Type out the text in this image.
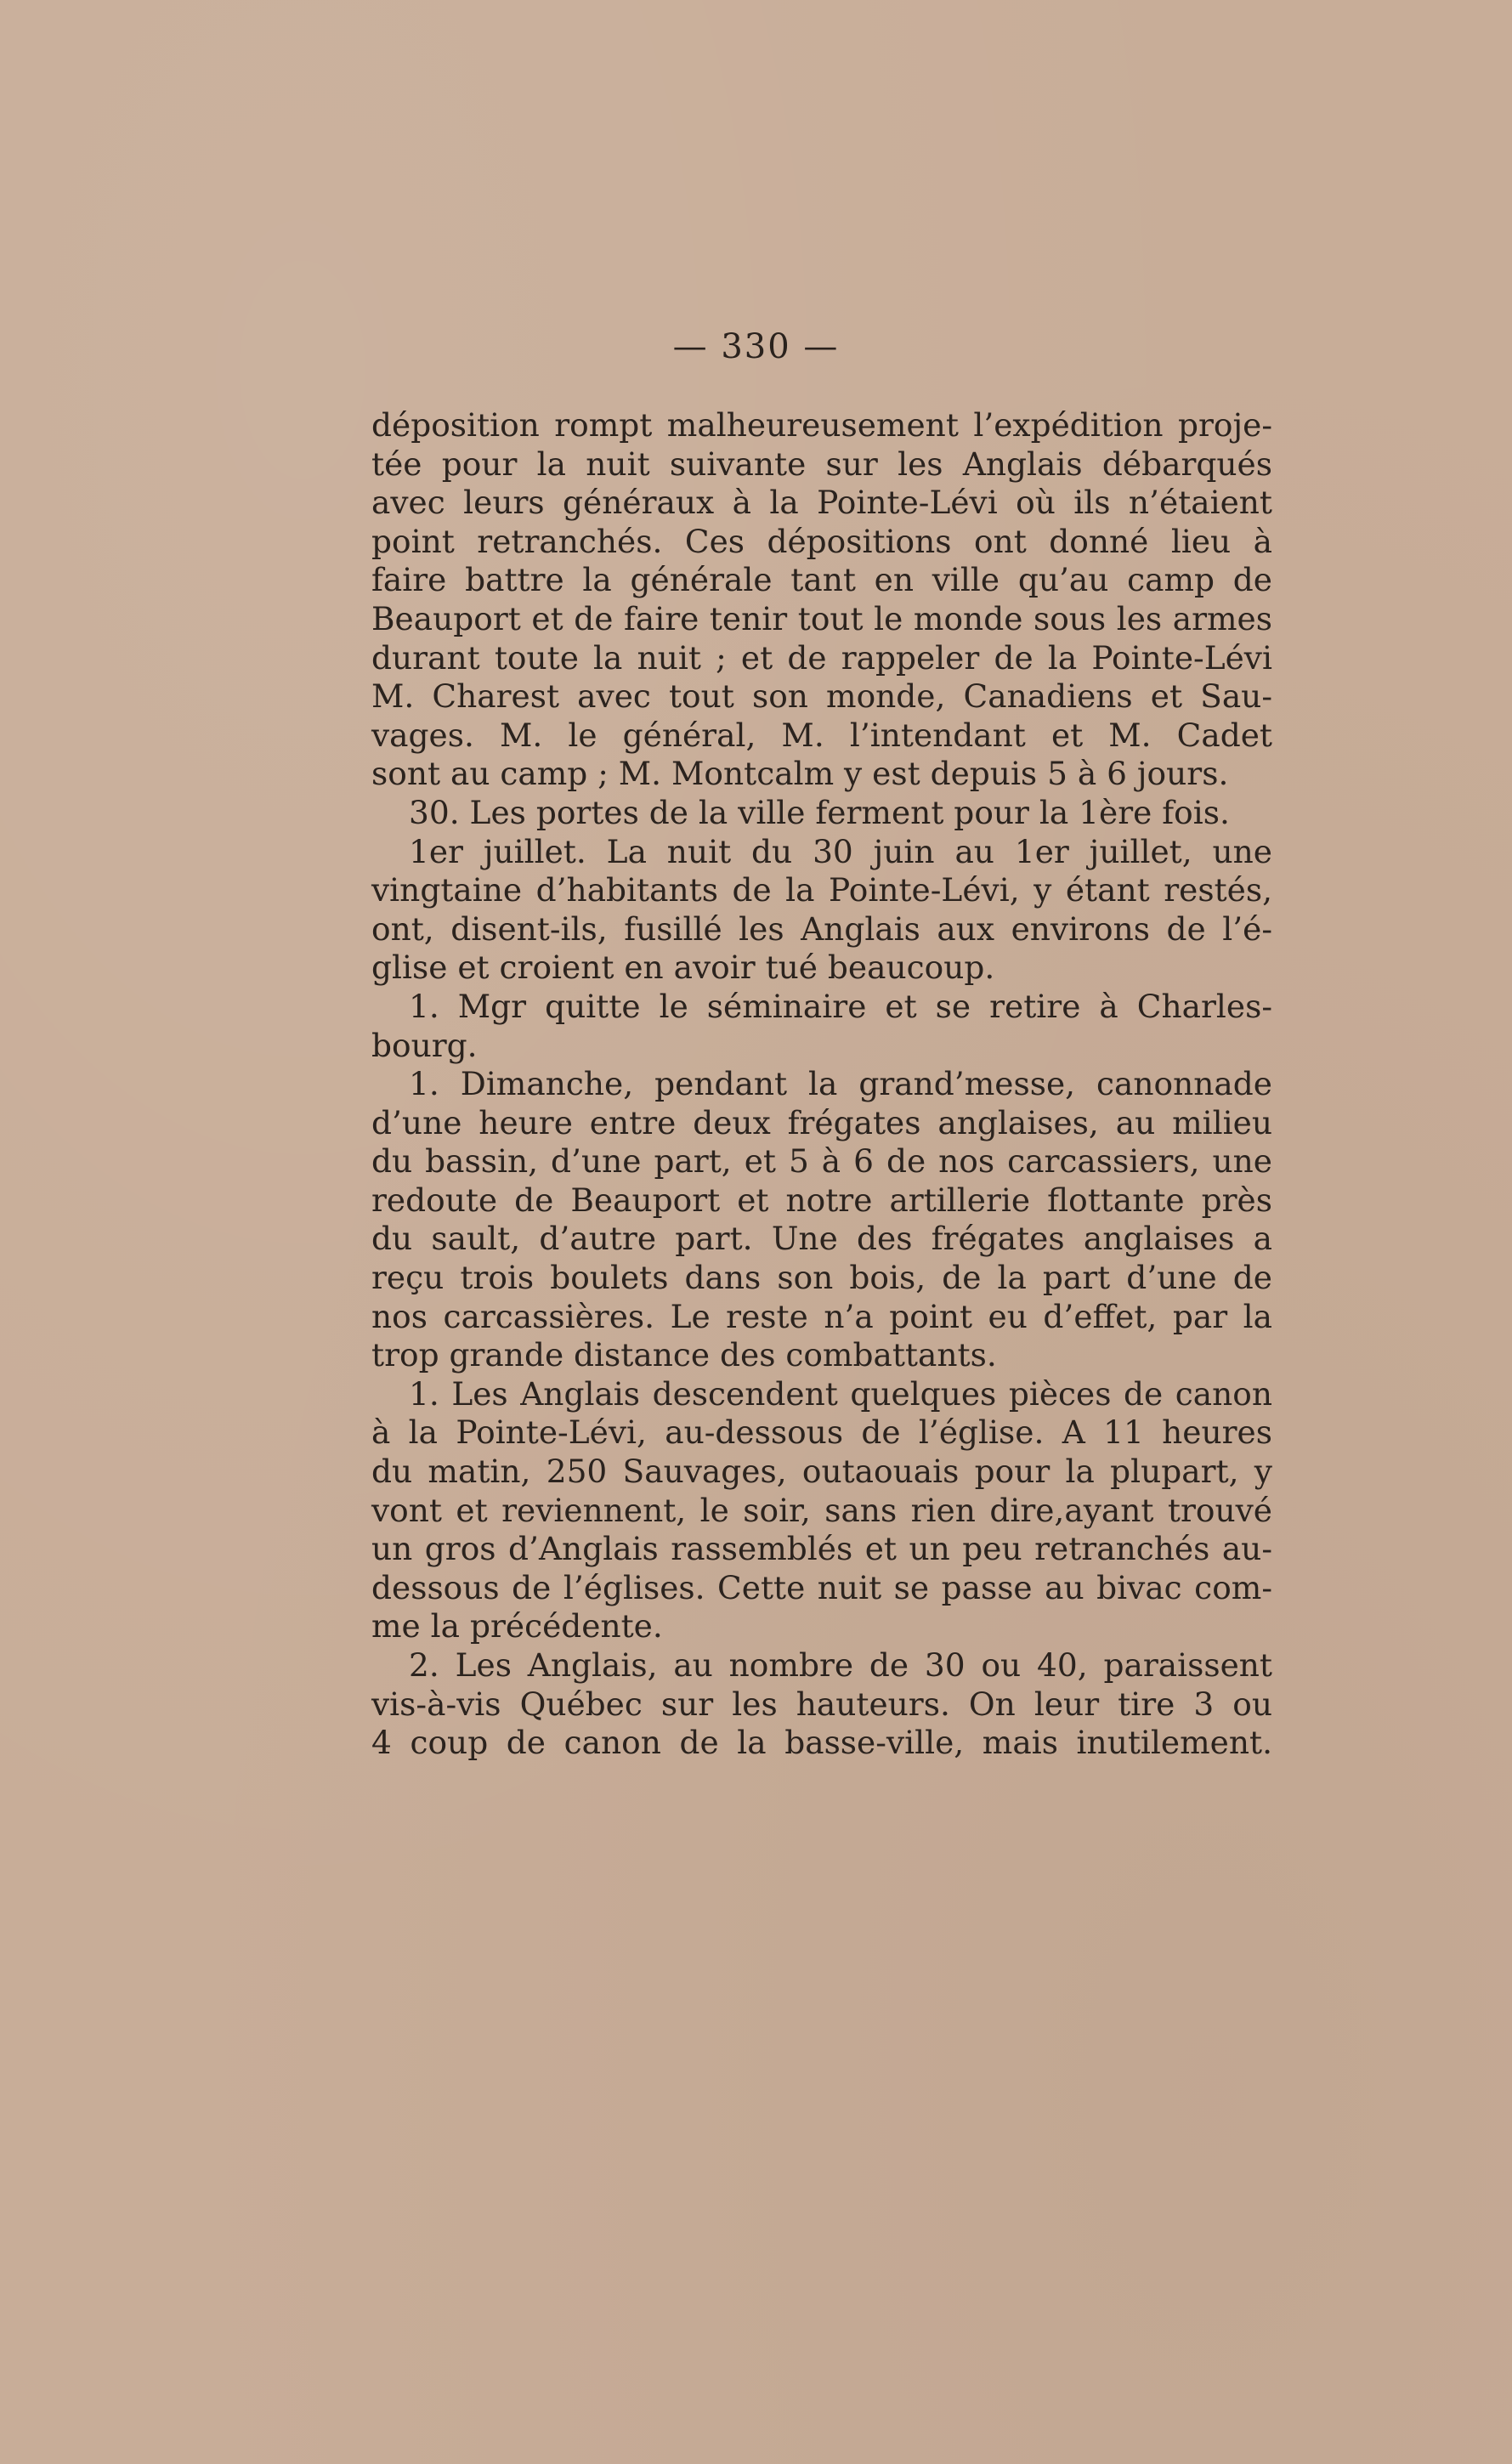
— 330 —
déposition rompt malheureusement l’expédition proje-
tée pour la nuit suivante sur les Anglais débarqués
avec leurs généraux à la Pointe-Lévi où ils n’étaient
point retranchés. Ces dépositions ont donné lieu à
faire battre la générale tant en ville qu’au camp de
Beauport et de faire tenir tout le monde sous les armes
durant toute la nuit ; et de rappeler de la Pointe-Lévi
M. Charest avec tout son monde, Canadiens et Sau-
vages. M. le général, M. l’intendant et M. Cadet
sont au camp ; M. Montcalm y est depuis 5 à 6 jours.
30. Les portes de la ville ferment pour la 1ère fois.
1er juillet. La nuit du 30 juin au 1er juillet, une
vingtaine d’habitants de la Pointe-Lévi, y étant restés,
ont, disent-ils, fusillé les Anglais aux environs de l’é-
glise et croient en avoir tué beaucoup.
1. Mgr quitte le séminaire et se retire à Charles-
bourg.
1. Dimanche, pendant la grand’messe, canonnade
d’une heure entre deux frégates anglaises, au milieu
du bassin, d’une part, et 5 à 6 de nos carcassiers, une
redoute de Beauport et notre artillerie flottante près
du sault, d’autre part. Une des frégates anglaises a
reçu trois boulets dans son bois, de la part d’une de
nos carcassières. Le reste n’a point eu d’effet, par la
trop grande distance des combattants.
1. Les Anglais descendent quelques pièces de canon
à la Pointe-Lévi, au-dessous de l’église. A 11 heures
du matin, 250 Sauvages, outaouais pour la plupart, y
vont et reviennent, le soir, sans rien dire,ayant trouvé
un gros d’Anglais rassemblés et un peu retranchés au-
dessous de l’églises. Cette nuit se passe au bivac com-
me la précédente.
2. Les Anglais, au nombre de 30 ou 40, paraissent
vis-à-vis Québec sur les hauteurs. On leur tire 3 ou
4 coup de canon de la basse-ville, mais inutilement.
